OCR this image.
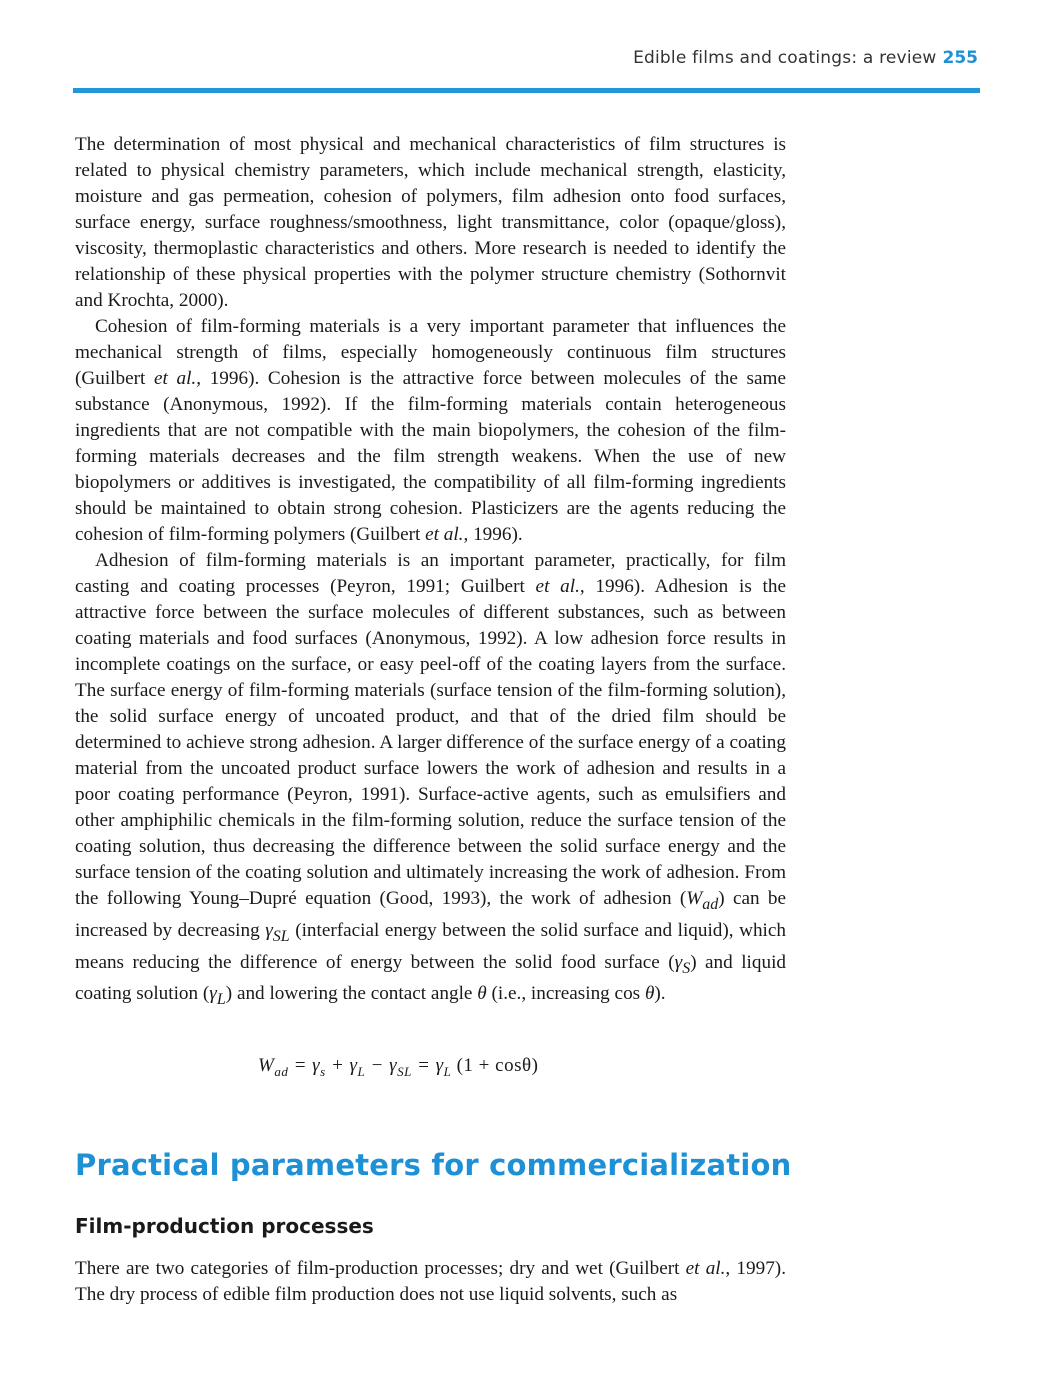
Edible films and coatings: a review 255

The determination of most physical and mechanical characteristics of film structures is related to physical chemistry parameters, which include mechanical strength, elasticity, moisture and gas permeation, cohesion of polymers, film adhesion onto food surfaces, surface energy, surface roughness/smoothness, light transmittance, color (opaque/gloss), viscosity, thermoplastic characteristics and others. More research is needed to identify the relationship of these physical properties with the polymer structure chemistry (Sothornvit and Krochta, 2000).

Cohesion of film-forming materials is a very important parameter that influences the mechanical strength of films, especially homogeneously continuous film structures (Guilbert et al., 1996). Cohesion is the attractive force between molecules of the same substance (Anonymous, 1992). If the film-forming materials contain heterogeneous ingredients that are not compatible with the main biopolymers, the cohesion of the film-forming materials decreases and the film strength weakens. When the use of new biopolymers or additives is investigated, the compatibility of all film-forming ingredients should be maintained to obtain strong cohesion. Plasticizers are the agents reducing the cohesion of film-forming polymers (Guilbert et al., 1996).

Adhesion of film-forming materials is an important parameter, practically, for film casting and coating processes (Peyron, 1991; Guilbert et al., 1996). Adhesion is the attractive force between the surface molecules of different substances, such as between coating materials and food surfaces (Anonymous, 1992). A low adhesion force results in incomplete coatings on the surface, or easy peel-off of the coating layers from the surface. The surface energy of film-forming materials (surface tension of the film-forming solution), the solid surface energy of uncoated product, and that of the dried film should be determined to achieve strong adhesion. A larger difference of the surface energy of a coating material from the uncoated product surface lowers the work of adhesion and results in a poor coating performance (Peyron, 1991). Surface-active agents, such as emulsifiers and other amphiphilic chemicals in the film-forming solution, reduce the surface tension of the coating solution, thus decreasing the difference between the solid surface energy and the surface tension of the coating solution and ultimately increasing the work of adhesion. From the following Young–Dupré equation (Good, 1993), the work of adhesion $(W_{ad})$ can be increased by decreasing $\gamma_{SL}$ (interfacial energy between the solid surface and liquid), which means reducing the difference of energy between the solid food surface $(\gamma_S)$ and liquid coating solution $(\gamma_L)$ and lowering the contact angle θ (i.e., increasing cos θ).

$W_{ad} = \gamma_s + \gamma_L - \gamma_{SL} = \gamma_L$ (1 + cosθ)
Practical parameters for commercialization
Film-production processes

There are two categories of film-production processes; dry and wet (Guilbert et al., 1997). The dry process of edible film production does not use liquid solvents, such as
